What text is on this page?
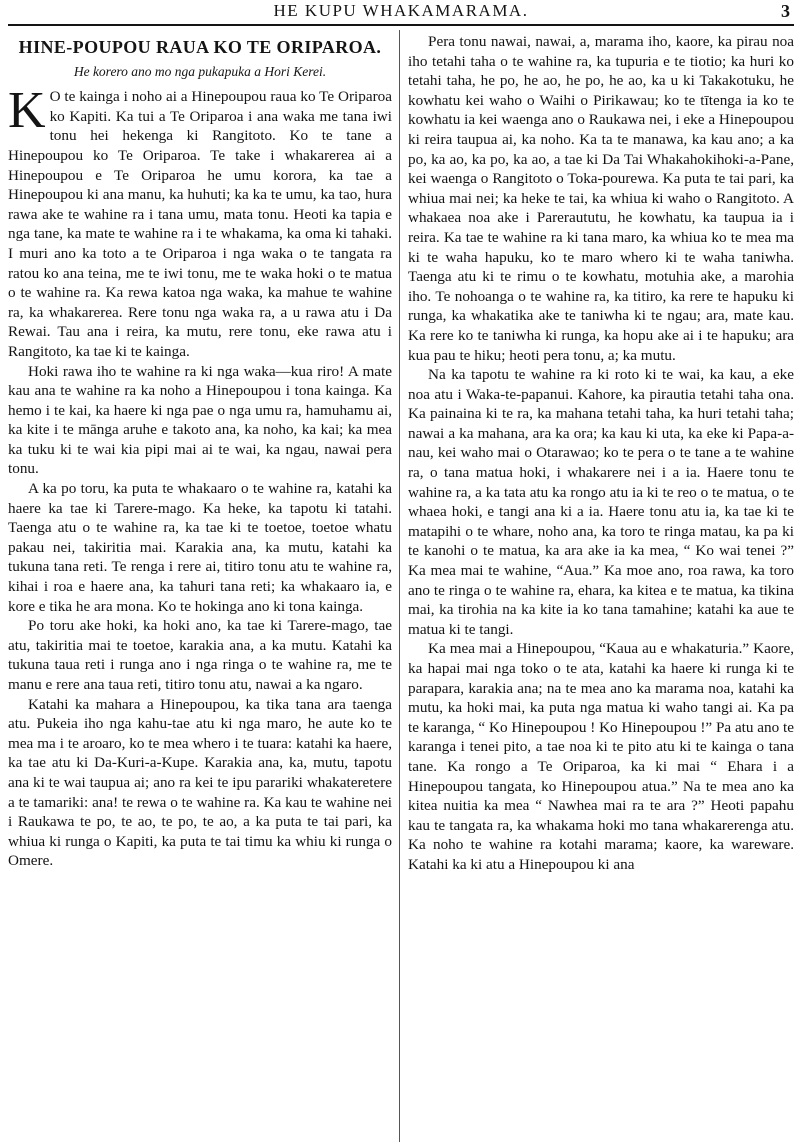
HE KUPU WHAKAMARAMA.	3
HINE-POUPOU RAUA KO TE ORIPAROA.
He korero ano mo nga pukapuka a Hori Kerei.

K O te kainga i noho ai a Hinepoupou raua ko Te Oriparoa ko Kapiti. Ka tui a Te Oriparoa i ana waka me tana iwi tonu hei hekenga ki Rangitoto. Ko te tane a Hinepoupou ko Te Oriparoa. Te take i whakarerea ai a Hinepoupou e Te Oriparoa he umu korora, ka tae a Hinepoupou ki ana manu, ka huhuti; ka ka te umu, ka tao, hura rawa ake te wahine ra i tana umu, mata tonu. Heoti ka tapia e nga tane, ka mate te wahine ra i te whakama, ka oma ki tahaki. I muri ano ka toto a te Oriparoa i nga waka o te tangata ra ratou ko ana teina, me te iwi tonu, me te waka hoki o te matua o te wahine ra. Ka rewa katoa nga waka, ka mahue te wahine ra, ka whakarerea. Rere tonu nga waka ra, a u rawa atu i Da Rewai. Tau ana i reira, ka mutu, rere tonu, eke rawa atu i Rangitoto, ka tae ki te kainga.

Hoki rawa iho te wahine ra ki nga waka—kua riro! A mate kau ana te wahine ra ka noho a Hinepoupou i tona kainga. Ka hemo i te kai, ka haere ki nga pae o nga umu ra, hamuhamu ai, ka kite i te mānga aruhe e takoto ana, ka noho, ka kai; ka mea ka tuku ki te wai kia pipi mai ai te wai, ka ngau, nawai pera tonu.

A ka po toru, ka puta te whakaaro o te wahine ra, katahi ka haere ka tae ki Tarere-mago. Ka heke, ka tapotu ki tatahi. Taenga atu o te wahine ra, ka tae ki te toetoe, toetoe whatu pakau nei, takiritia mai. Karakia ana, ka mutu, katahi ka tukuna tana reti. Te renga i rere ai, titiro tonu atu te wahine ra, kihai i roa e haere ana, ka tahuri tana reti; ka whakaaro ia, e kore e tika he ara mona. Ko te hokinga ano ki tona kainga.

Po toru ake hoki, ka hoki ano, ka tae ki Tarere-mago, tae atu, takiritia mai te toetoe, karakia ana, a ka mutu. Katahi ka tukuna taua reti i runga ano i nga ringa o te wahine ra, me te manu e rere ana taua reti, titiro tonu atu, nawai a ka ngaro.

Katahi ka mahara a Hinepoupou, ka tika tana ara taenga atu. Pukeia iho nga kahu-tae atu ki nga maro, he aute ko te mea ma i te aroaro, ko te mea whero i te tuara: katahi ka haere, ka tae atu ki Da-Kuri-a-Kupe. Karakia ana, ka, mutu, tapotu ana ki te wai taupua ai; ano ra kei te ipu parariki whakateretere a te tamariki: ana! te rewa o te wahine ra. Ka kau te wahine nei i Raukawa te po, te ao, te po, te ao, a ka puta te tai pari, ka whiua ki runga o Kapiti, ka puta te tai timu ka whiu ki runga o Omere.

Pera tonu nawai, nawai, a, marama iho, kaore, ka pirau noa iho tetahi taha o te wahine ra, ka tupuria e te tiotio; ka huri ko tetahi taha, he po, he ao, he po, he ao, ka u ki Takakotuku, he kowhatu kei waho o Waihi o Pirikawau; ko te tītenga ia ko te kowhatu ia kei waenga ano o Raukawa nei, i eke a Hinepoupou ki reira taupua ai, ka noho. Ka ta te manawa, ka kau ano; a ka po, ka ao, ka po, ka ao, a tae ki Da Tai Whakahokihoki-a-Pane, kei waenga o Rangitoto o Toka-pourewa. Ka puta te tai pari, ka whiua mai nei; ka heke te tai, ka whiua ki waho o Rangitoto. A whakaea noa ake i Pareraututu, he kowhatu, ka taupua ia i reira. Ka tae te wahine ra ki tana maro, ka whiua ko te mea ma ki te waha hapuku, ko te maro whero ki te waha taniwha. Taenga atu ki te rimu o te kowhatu, motuhia ake, a marohia iho. Te nohoanga o te wahine ra, ka titiro, ka rere te hapuku ki runga, ka whakatika ake te taniwha ki te ngau; ara, mate kau. Ka rere ko te taniwha ki runga, ka hopu ake ai i te hapuku; ara kua pau te hiku; heoti pera tonu, a; ka mutu.

Na ka tapotu te wahine ra ki roto ki te wai, ka kau, a eke noa atu i Waka-te-papanui. Kahore, ka pirautia tetahi taha ona. Ka painaina ki te ra, ka mahana tetahi taha, ka huri tetahi taha; nawai a ka mahana, ara ka ora; ka kau ki uta, ka eke ki Papa-a-nau, kei waho mai o Otarawao; ko te pera o te tane a te wahine ra, o tana matua hoki, i whakarere nei i a ia. Haere tonu te wahine ra, a ka tata atu ka rongo atu ia ki te reo o te matua, o te whaea hoki, e tangi ana ki a ia. Haere tonu atu ia, ka tae ki te matapihi o te whare, noho ana, ka toro te ringa matau, ka pa ki te kanohi o te matua, ka ara ake ia ka mea, “ Ko wai tenei ?” Ka mea mai te wahine, “Aua.” Ka moe ano, roa rawa, ka toro ano te ringa o te wahine ra, ehara, ka kitea e te matua, ka tikina mai, ka tirohia na ka kite ia ko tana tamahine; katahi ka aue te matua ki te tangi.

Ka mea mai a Hinepoupou, “Kaua au e whakaturia.” Kaore, ka hapai mai nga toko o te ata, katahi ka haere ki runga ki te parapara, karakia ana; na te mea ano ka marama noa, katahi ka mutu, ka hoki mai, ka puta nga matua ki waho tangi ai. Ka pa te karanga, “ Ko Hinepoupou ! Ko Hinepoupou !” Pa atu ano te karanga i tenei pito, a tae noa ki te pito atu ki te kainga o tana tane. Ka rongo a Te Oriparoa, ka ki mai “ Ehara i a Hinepoupou tangata, ko Hinepoupou atua.” Na te mea ano ka kitea nuitia ka mea “ Nawhea mai ra te ara ?” Heoti papahu kau te tangata ra, ka whakama hoki mo tana whakarerenga atu. Ka noho te wahine ra kotahi marama; kaore, ka wareware. Katahi ka ki atu a Hinepoupou ki ana
